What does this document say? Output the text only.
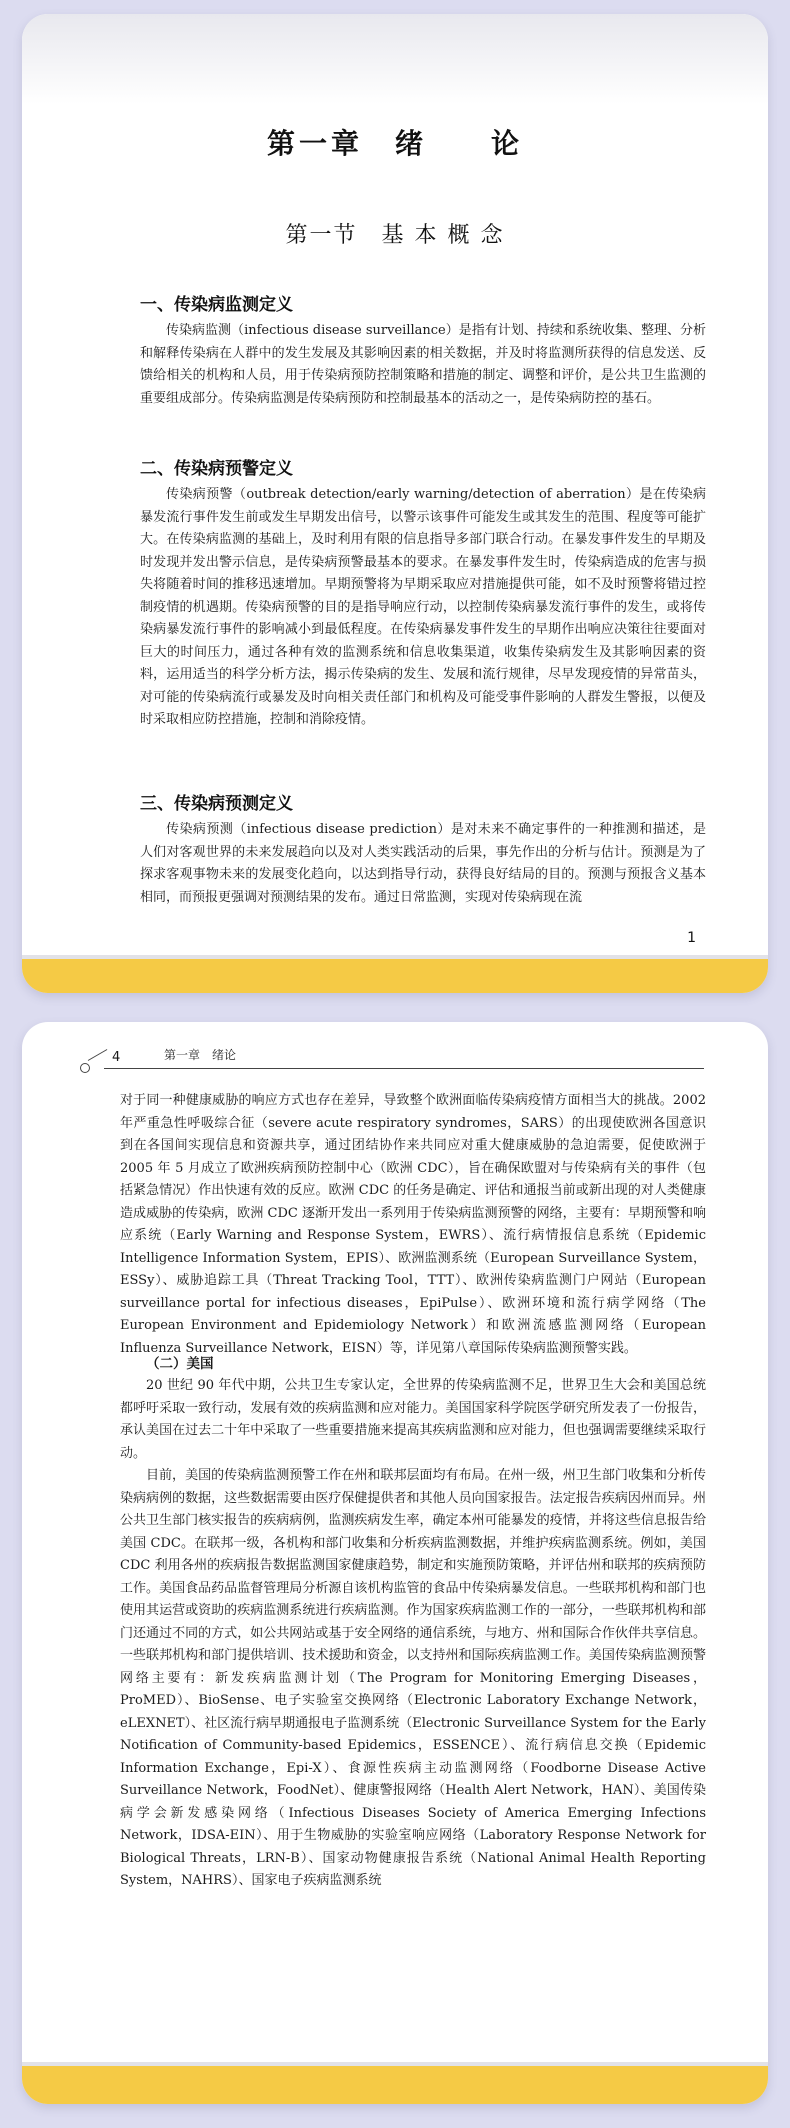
第一章　绪　　论
第一节　基 本 概 念
一、传染病监测定义

传染病监测（infectious disease surveillance）是指有计划、持续和系统收集、整理、分析和解释传染病在人群中的发生发展及其影响因素的相关数据，并及时将监测所获得的信息发送、反馈给相关的机构和人员，用于传染病预防控制策略和措施的制定、调整和评价，是公共卫生监测的重要组成部分。传染病监测是传染病预防和控制最基本的活动之一，是传染病防控的基石。

二、传染病预警定义

传染病预警（outbreak detection/early warning/detection of aberration）是在传染病暴发流行事件发生前或发生早期发出信号，以警示该事件可能发生或其发生的范围、程度等可能扩大。在传染病监测的基础上，及时利用有限的信息指导多部门联合行动。在暴发事件发生的早期及时发现并发出警示信息，是传染病预警最基本的要求。在暴发事件发生时，传染病造成的危害与损失将随着时间的推移迅速增加。早期预警将为早期采取应对措施提供可能，如不及时预警将错过控制疫情的机遇期。传染病预警的目的是指导响应行动，以控制传染病暴发流行事件的发生，或将传染病暴发流行事件的影响减小到最低程度。在传染病暴发事件发生的早期作出响应决策往往要面对巨大的时间压力，通过各种有效的监测系统和信息收集渠道，收集传染病发生及其影响因素的资料，运用适当的科学分析方法，揭示传染病的发生、发展和流行规律，尽早发现疫情的异常苗头，对可能的传染病流行或暴发及时向相关责任部门和机构及可能受事件影响的人群发生警报，以便及时采取相应防控措施，控制和消除疫情。

三、传染病预测定义

传染病预测（infectious disease prediction）是对未来不确定事件的一种推测和描述，是人们对客观世界的未来发展趋向以及对人类实践活动的后果，事先作出的分析与估计。预测是为了探求客观事物未来的发展变化趋向，以达到指导行动，获得良好结局的目的。预测与预报含义基本相同，而预报更强调对预测结果的发布。通过日常监测，实现对传染病现在流

1
4	第一章　绪论

对于同一种健康威胁的响应方式也存在差异，导致整个欧洲面临传染病疫情方面相当大的挑战。2002 年严重急性呼吸综合征（severe acute respiratory syndromes，SARS）的出现使欧洲各国意识到在各国间实现信息和资源共享，通过团结协作来共同应对重大健康威胁的急迫需要，促使欧洲于 2005 年 5 月成立了欧洲疾病预防控制中心（欧洲 CDC），旨在确保欧盟对与传染病有关的事件（包括紧急情况）作出快速有效的反应。欧洲 CDC 的任务是确定、评估和通报当前或新出现的对人类健康造成威胁的传染病，欧洲 CDC 逐渐开发出一系列用于传染病监测预警的网络，主要有：早期预警和响应系统（Early Warning and Response System，EWRS）、流行病情报信息系统（Epidemic Intelligence Information System，EPIS）、欧洲监测系统（European Surveillance System，ESSy）、威胁追踪工具（Threat Tracking Tool，TTT）、欧洲传染病监测门户网站（European surveillance portal for infectious diseases，EpiPulse）、欧洲环境和流行病学网络（The European Environment and Epidemiology Network）和欧洲流感监测网络（European Influenza Surveillance Network，EISN）等，详见第八章国际传染病监测预警实践。

（二）美国

20 世纪 90 年代中期，公共卫生专家认定，全世界的传染病监测不足，世界卫生大会和美国总统都呼吁采取一致行动，发展有效的疾病监测和应对能力。美国国家科学院医学研究所发表了一份报告，承认美国在过去二十年中采取了一些重要措施来提高其疾病监测和应对能力，但也强调需要继续采取行动。

目前，美国的传染病监测预警工作在州和联邦层面均有布局。在州一级，州卫生部门收集和分析传染病病例的数据，这些数据需要由医疗保健提供者和其他人员向国家报告。法定报告疾病因州而异。州公共卫生部门核实报告的疾病病例，监测疾病发生率，确定本州可能暴发的疫情，并将这些信息报告给美国 CDC。在联邦一级，各机构和部门收集和分析疾病监测数据，并维护疾病监测系统。例如，美国 CDC 利用各州的疾病报告数据监测国家健康趋势，制定和实施预防策略，并评估州和联邦的疾病预防工作。美国食品药品监督管理局分析源自该机构监管的食品中传染病暴发信息。一些联邦机构和部门也使用其运营或资助的疾病监测系统进行疾病监测。作为国家疾病监测工作的一部分，一些联邦机构和部门还通过不同的方式，如公共网站或基于安全网络的通信系统，与地方、州和国际合作伙伴共享信息。一些联邦机构和部门提供培训、技术援助和资金，以支持州和国际疾病监测工作。美国传染病监测预警网络主要有：新发疾病监测计划（The Program for Monitoring Emerging Diseases，ProMED）、BioSense、电子实验室交换网络（Electronic Laboratory Exchange Network，eLEXNET）、社区流行病早期通报电子监测系统（Electronic Surveillance System for the Early Notification of Community-based Epidemics，ESSENCE）、流行病信息交换（Epidemic Information Exchange，Epi-X）、食源性疾病主动监测网络（Foodborne Disease Active Surveillance Network，FoodNet）、健康警报网络（Health Alert Network，HAN）、美国传染病学会新发感染网络（Infectious Diseases Society of America Emerging Infections Network，IDSA-EIN）、用于生物威胁的实验室响应网络（Laboratory Response Network for Biological Threats，LRN-B）、国家动物健康报告系统（National Animal Health Reporting System，NAHRS）、国家电子疾病监测系统
